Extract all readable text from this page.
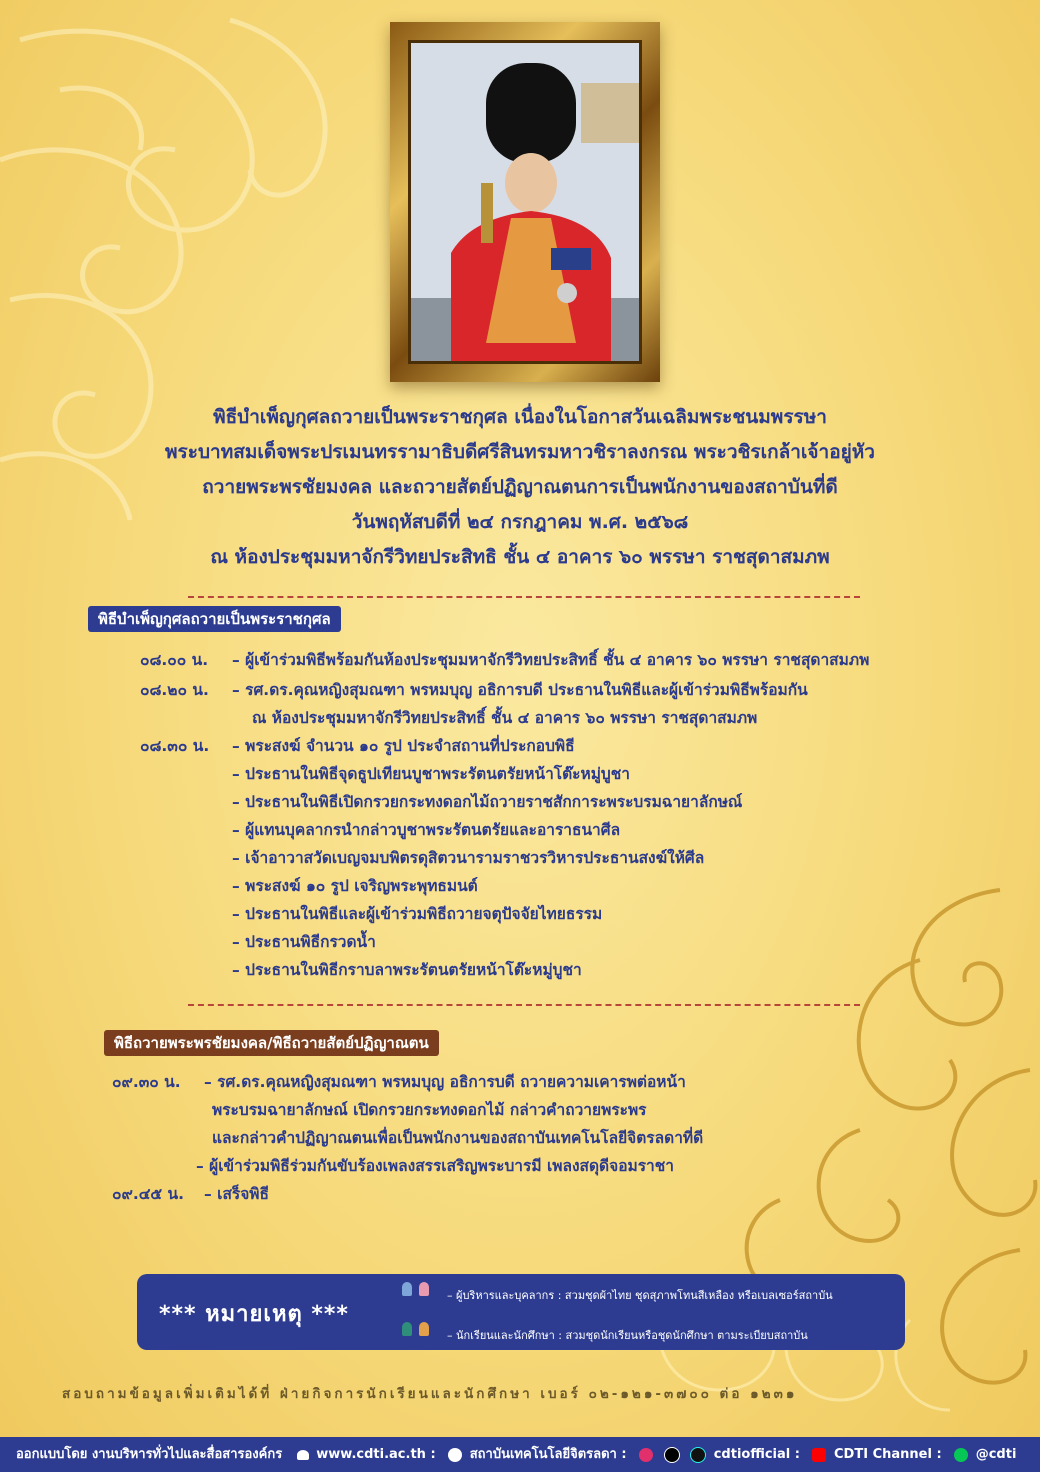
พิธีบำเพ็ญกุศลถวายเป็นพระราชกุศล เนื่องในโอกาสวันเฉลิมพระชนมพรรษา
พระบาทสมเด็จพระปรเมนทรรามาธิบดีศรีสินทรมหาวชิราลงกรณ พระวชิรเกล้าเจ้าอยู่หัว
ถวายพระพรชัยมงคล และถวายสัตย์ปฏิญาณตนการเป็นพนักงานของสถาบันที่ดี
วันพฤหัสบดีที่ ๒๔ กรกฎาคม พ.ศ. ๒๕๖๘
ณ ห้องประชุมมหาจักรีวิทยประสิทธิ ชั้น ๔ อาคาร ๖๐ พรรษา ราชสุดาสมภพ
พิธีบำเพ็ญกุศลถวายเป็นพระราชกุศล
๐๘.๐๐ น. – ผู้เข้าร่วมพิธีพร้อมกันห้องประชุมมหาจักรีวิทยประสิทธิ์ ชั้น ๔ อาคาร ๖๐ พรรษา ราชสุดาสมภพ
๐๘.๒๐ น. – รศ.ดร.คุณหญิงสุมณฑา พรหมบุญ อธิการบดี ประธานในพิธีและผู้เข้าร่วมพิธีพร้อมกัน
ณ ห้องประชุมมหาจักรีวิทยประสิทธิ์ ชั้น ๔ อาคาร ๖๐ พรรษา ราชสุดาสมภพ
๐๘.๓๐ น. – พระสงฆ์ จำนวน ๑๐ รูป ประจำสถานที่ประกอบพิธี
– ประธานในพิธีจุดธูปเทียนบูชาพระรัตนตรัยหน้าโต๊ะหมู่บูชา
– ประธานในพิธีเปิดกรวยกระทงดอกไม้ถวายราชสักการะพระบรมฉายาลักษณ์
– ผู้แทนบุคลากรนำกล่าวบูชาพระรัตนตรัยและอาราธนาศีล
– เจ้าอาวาสวัดเบญจมบพิตรดุสิตวนารามราชวรวิหารประธานสงฆ์ให้ศีล
– พระสงฆ์ ๑๐ รูป เจริญพระพุทธมนต์
– ประธานในพิธีและผู้เข้าร่วมพิธีถวายจตุปัจจัยไทยธรรม
– ประธานพิธีกรวดน้ำ
– ประธานในพิธีกราบลาพระรัตนตรัยหน้าโต๊ะหมู่บูชา
พิธีถวายพระพรชัยมงคล/พิธีถวายสัตย์ปฏิญาณตน
๐๙.๓๐ น. – รศ.ดร.คุณหญิงสุมณฑา พรหมบุญ อธิการบดี ถวายความเคารพต่อหน้า
พระบรมฉายาลักษณ์ เปิดกรวยกระทงดอกไม้ กล่าวคำถวายพระพร
และกล่าวคำปฏิญาณตนเพื่อเป็นพนักงานของสถาบันเทคโนโลยีจิตรลดาที่ดี
– ผู้เข้าร่วมพิธีร่วมกันขับร้องเพลงสรรเสริญพระบารมี เพลงสดุดีจอมราชา
๐๙.๔๕ น. – เสร็จพิธี
*** หมายเหตุ ***
– ผู้บริหารและบุคลากร : สวมชุดผ้าไทย ชุดสุภาพโทนสีเหลือง หรือเบลเซอร์สถาบัน
– นักเรียนและนักศึกษา : สวมชุดนักเรียนหรือชุดนักศึกษา ตามระเบียบสถาบัน
สอบถามข้อมูลเพิ่มเติมได้ที่ ฝ่ายกิจการนักเรียนและนักศึกษา เบอร์ ๐๒-๑๒๑-๓๗๐๐ ต่อ ๑๒๓๑
ออกแบบโดย งานบริหารทั่วไปและสื่อสารองค์กร	www.cdti.ac.th :	สถาบันเทคโนโลยีจิตรลดา :	cdtiofficial :	CDTI Channel :	@cdti
